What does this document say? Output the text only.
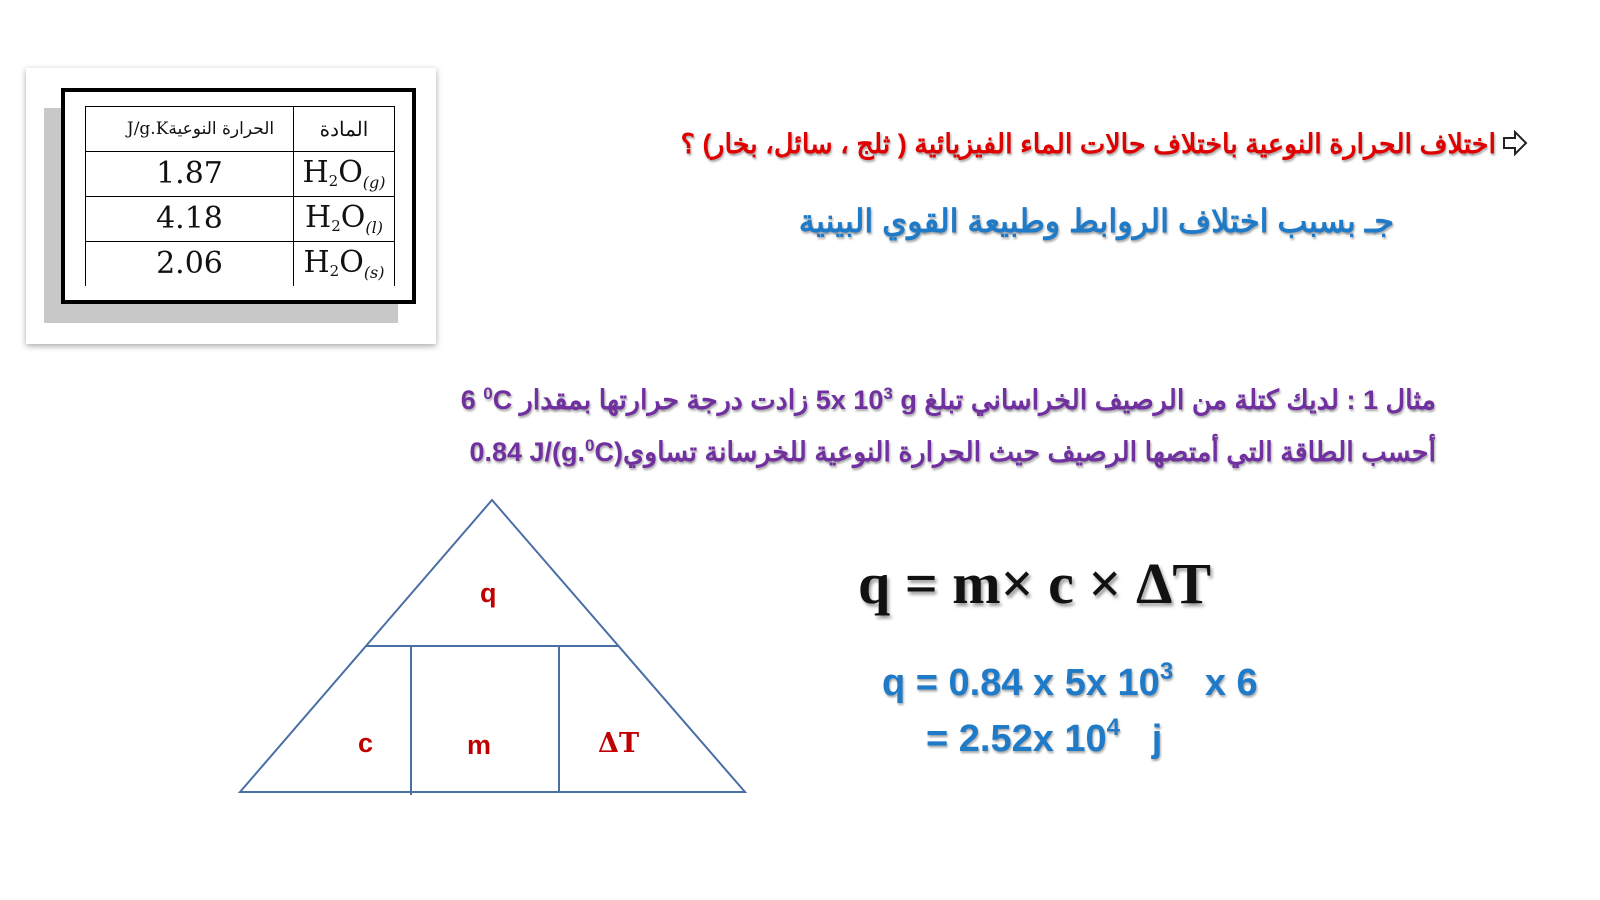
المادة	الحرارة النوعيةJ/g.K
$H_2O_{(g)}$	1.87
$H_2O_{(l)}$	4.18
$H_2O_{(s)}$	2.06
اختلاف الحرارة النوعية باختلاف حالات الماء الفيزيائية ( ثلج ، سائل، بخار) ؟
جـ بسبب اختلاف الروابط وطبيعة القوي البينية
مثال 1 : لديك كتلة من الرصيف الخراساني تبلغ 5x $10^3$ g زادت درجة حرارتها بمقدار 6 $^0$C
أحسب الطاقة التي أمتصها الرصيف حيث الحرارة النوعية للخرسانة تساوي0.84 J/(g.$^0$C)
q
c	m	ΔT
q = m× c × ΔT
q = 0.84 x 5x $10^3$   x 6
= 2.52x $10^4$   j
